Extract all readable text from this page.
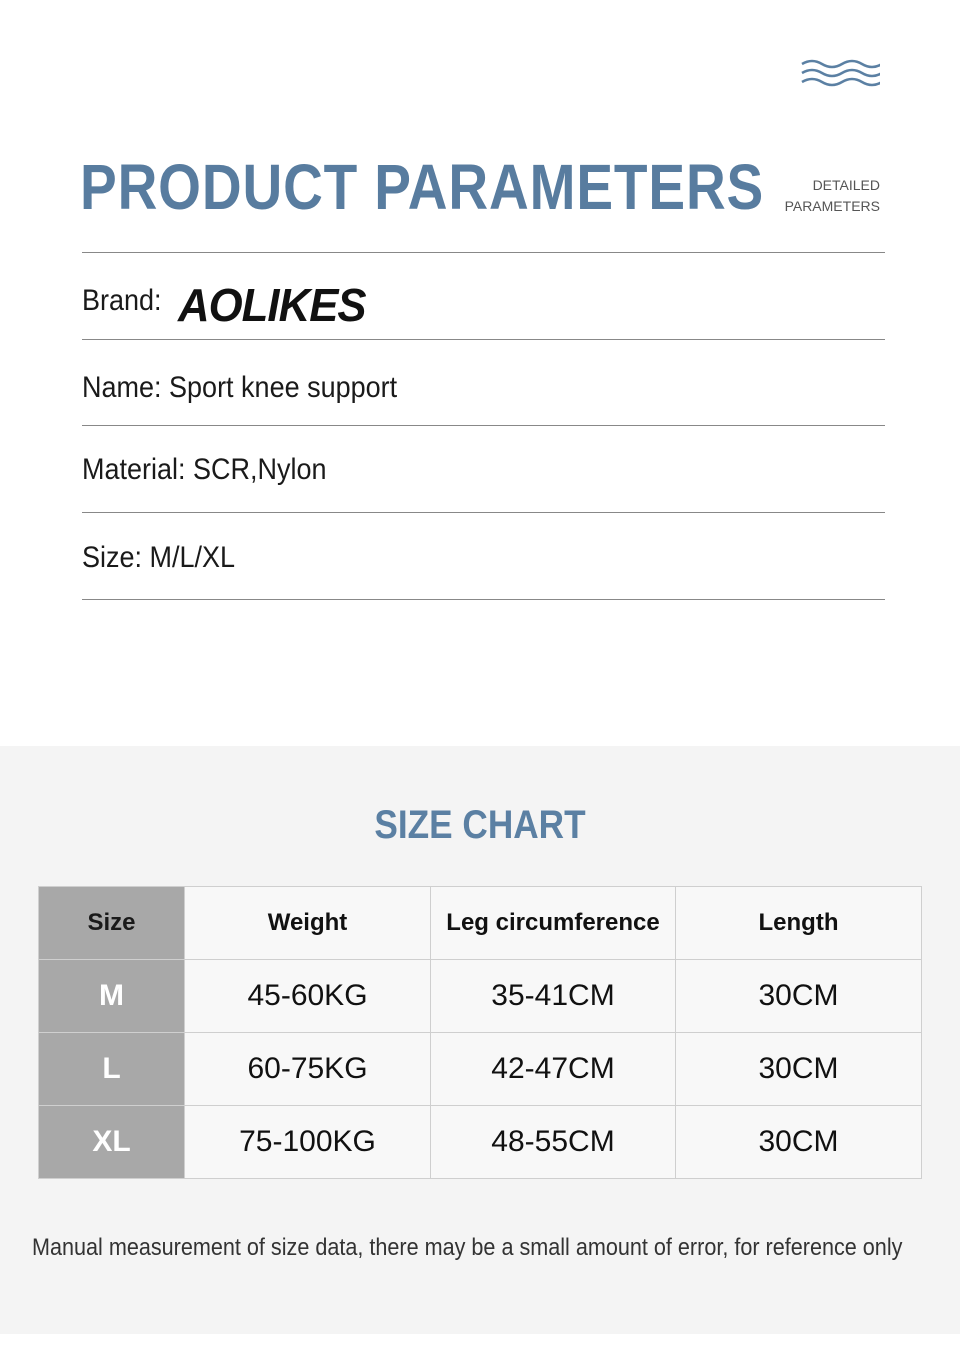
PRODUCT PARAMETERS	DETAILED
PARAMETERS
Brand: AOLIKES
Name: Sport knee support
Material: SCR,Nylon
Size: M/L/XL
SIZE CHART
Size	Weight	Leg circumference	Length
M	45-60KG	35-41CM	30CM
L	60-75KG	42-47CM	30CM
XL	75-100KG	48-55CM	30CM
Manual measurement of size data, there may be a small amount of error, for reference only
